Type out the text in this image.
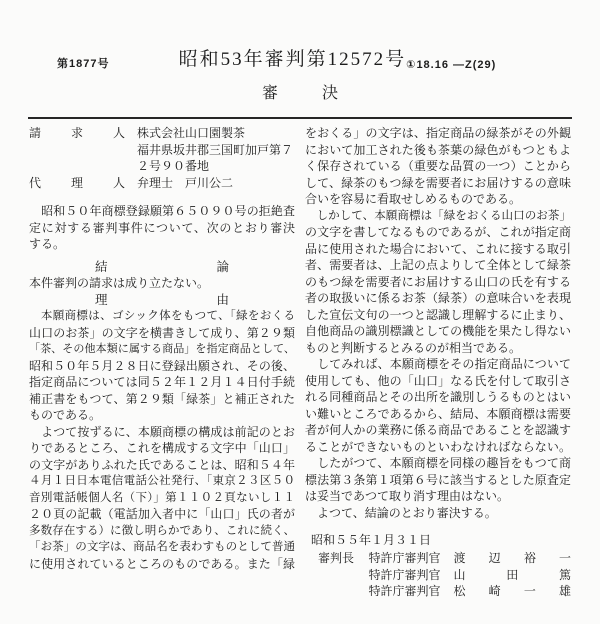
第1877号	昭和53年審判第12572号 ①18.16 —Z(29)
審決
請求人 株式会社山口園製茶
福井県坂井郡三国町加戸第７
２号９０番地
代理人 弁理士　戸川公二
　昭和５０年商標登録願第６５０９０号の拒絶査
定に対する審判事件について、次のとおり審決
する。
結論
本件審判の請求は成り立たない。
理由
　本願商標は、ゴシック体をもつて、「緑をおくる
山口のお茶」の文字を横書きして成り、第２９類
「茶、その他本類に属する商品」を指定商品として、
昭和５０年５月２８日に登録出願され、その後、
指定商品については同５２年１２月１４日付手続
補正書をもつて、第２９類「緑茶」と補正された
ものである。
　よつて按ずるに、本願商標の構成は前記のとお
りであるところ、これを構成する文字中「山口」
の文字がありふれた氏であることは、昭和５４年
４月１日日本電信電話公社発行、「東京２３区５０
音別電話帳個人名（下）」第１１０２頁ないし１１
２０頁の記載（電話加入者中に「山口」氏の者が
多数存在する）に徴し明らかであり、これに続く、
「お茶」の文字は、商品名を表わすものとして普通
に使用されているところのものである。また「緑
をおくる」の文字は、指定商品の緑茶がその外観
において加工された後も茶葉の緑色がもつともよ
く保存されている（重要な品質の一つ）ことから
して、緑茶のもつ緑を需要者にお届けするの意味
合いを容易に看取せしめるものである。
　しかして、本願商標は「緑をおくる山口のお茶」
の文字を書してなるものであるが、これが指定商
品に使用された場合において、これに接する取引
者、需要者は、上記の点よりして全体として緑茶
のもつ緑を需要者にお届けする山口の氏を有する
者の取扱いに係るお茶（緑茶）の意味合いを表現
した宣伝文句の一つと認識し理解するに止まり、
自他商品の識別標識としての機能を果たし得ない
ものと判断するとみるのが相当である。
　してみれば、本願商標をその指定商品について
使用しても、他の「山口」なる氏を付して取引さ
れる同種商品とその出所を識別しうるものとはい
い難いところであるから、結局、本願商標は需要
者が何人かの業務に係る商品であることを認識す
ることができないものといわなければならない。
　したがつて、本願商標を同様の趣旨をもつて商
標法第３条第１項第６号に該当するとした原査定
は妥当であつて取り消す理由はない。
　よつて、結論のとおり審決する。
昭和５５年１月３１日
審判長	特許庁審判官 渡辺裕一
特許庁審判官 山田篤
特許庁審判官 松崎一雄
